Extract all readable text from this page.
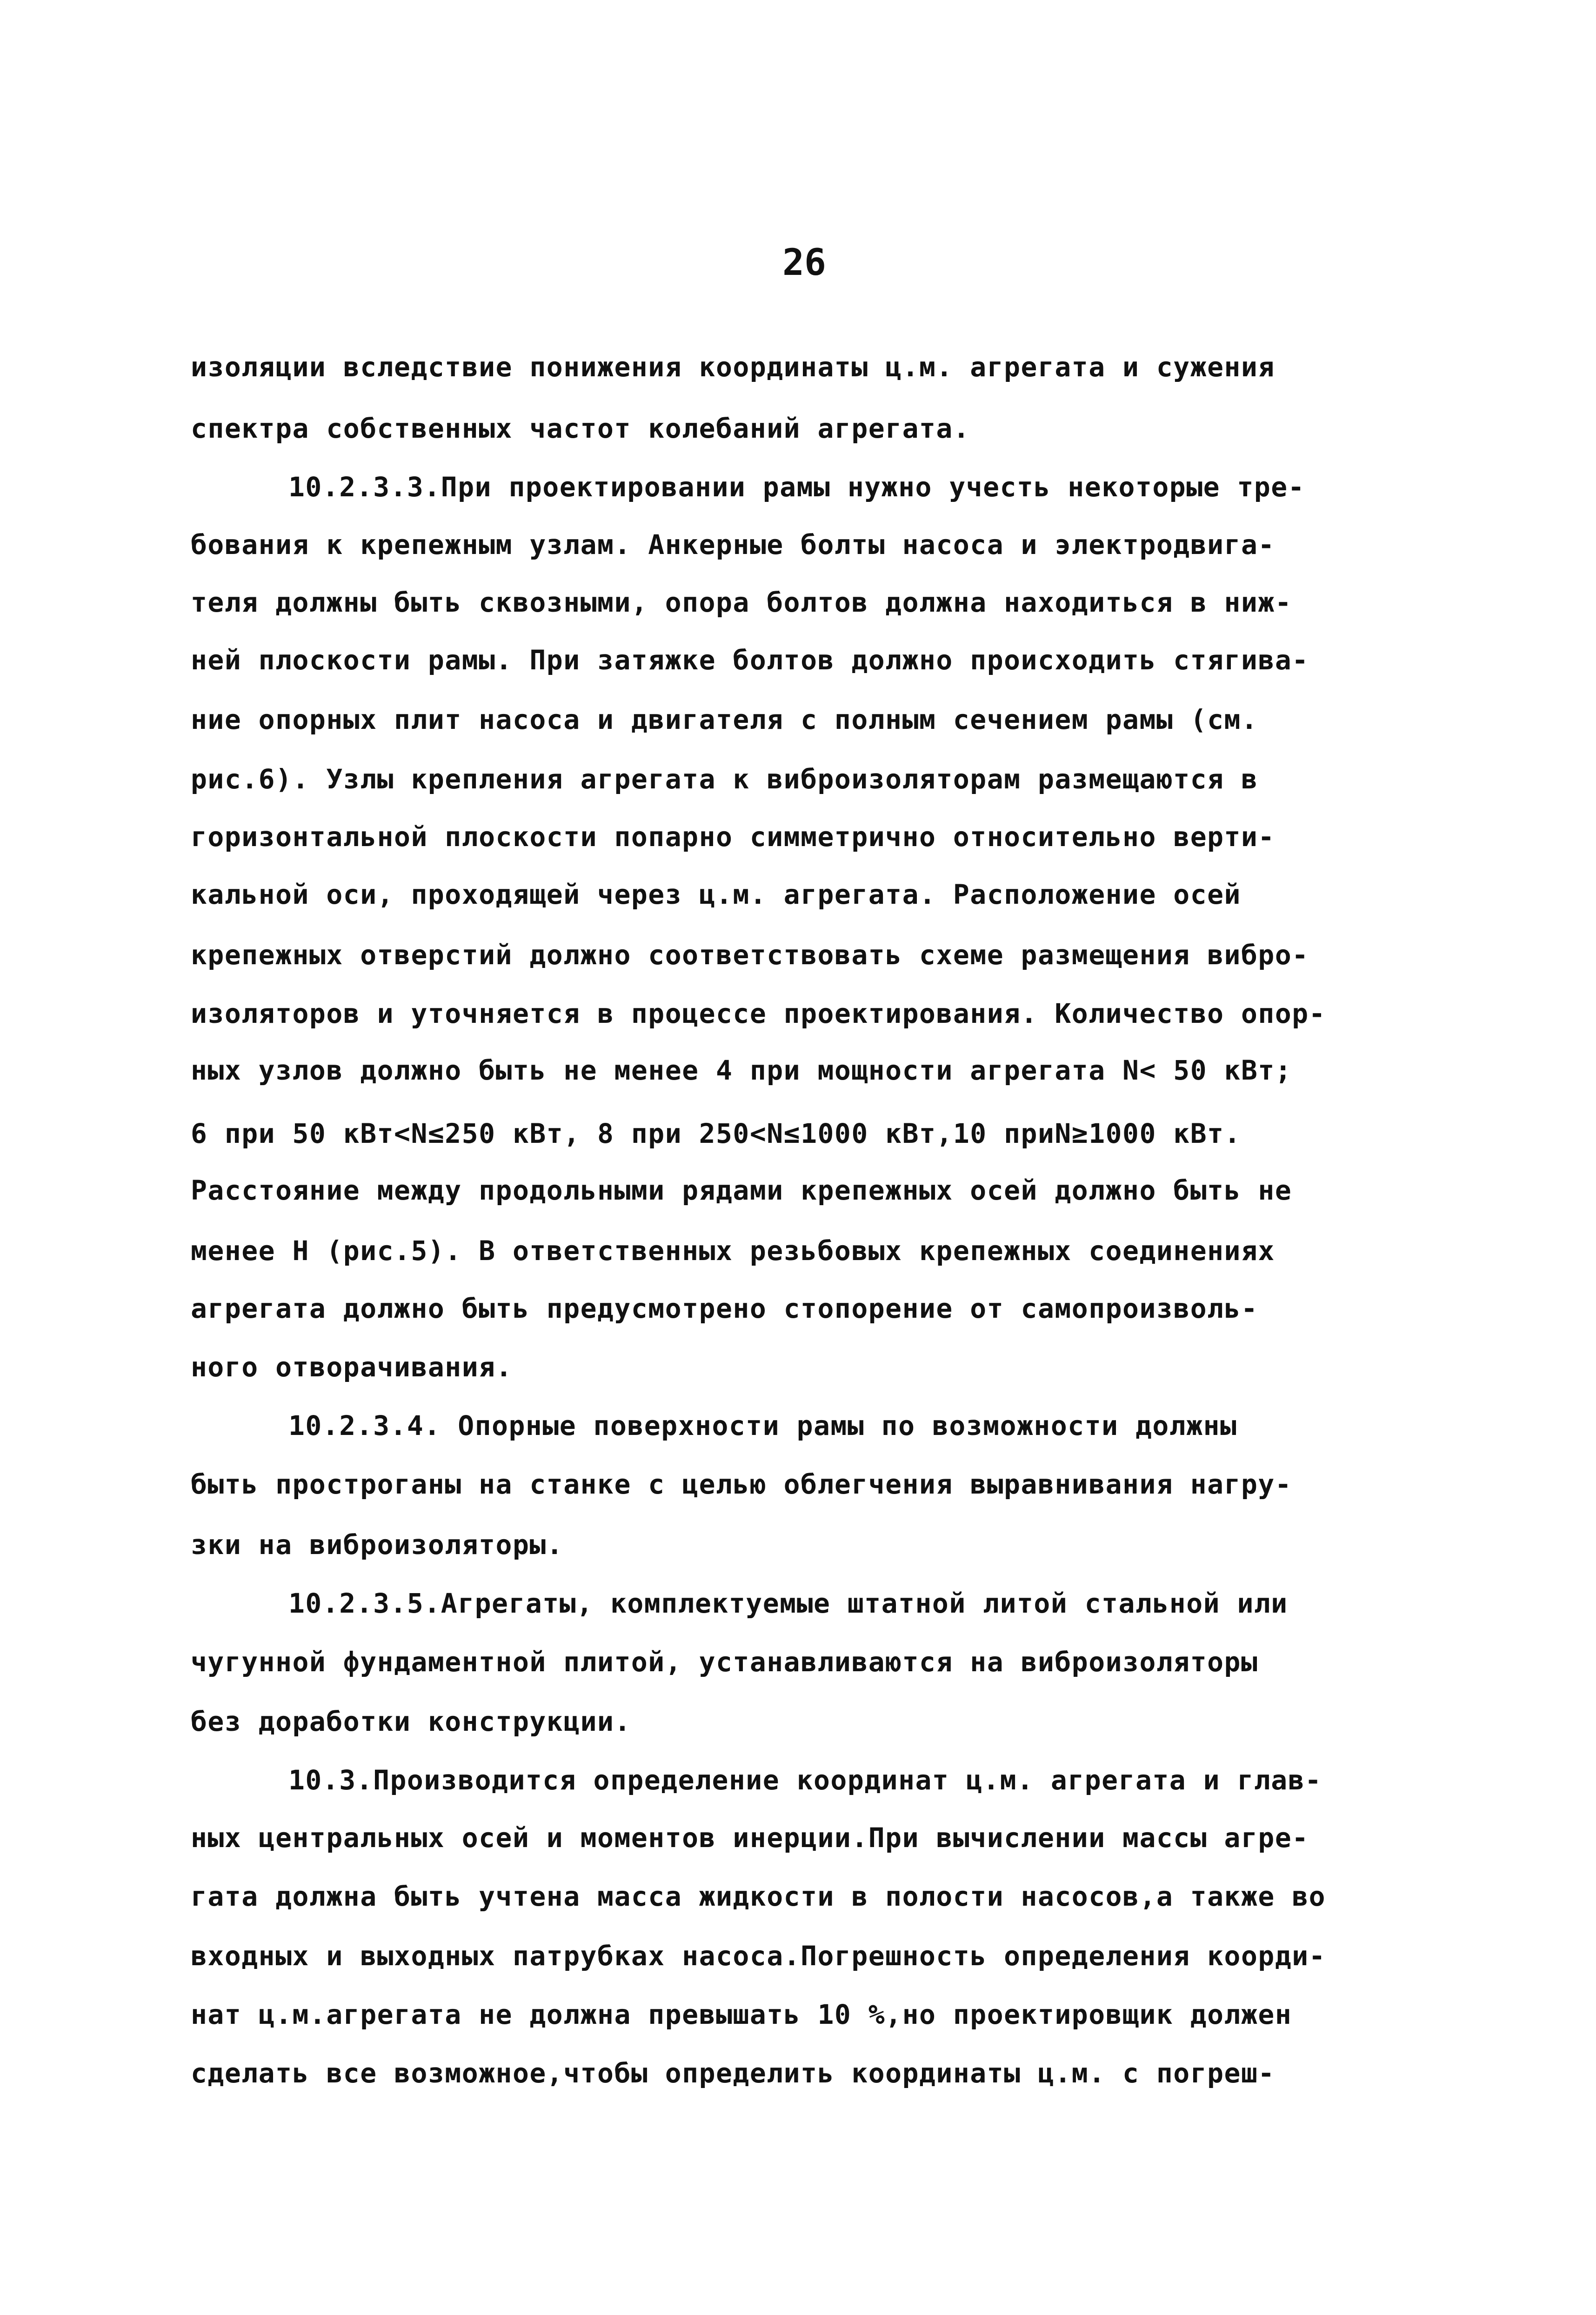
26
изоляции вследствие понижения координаты ц.м. агрегата и сужения
спектра собственных частот колебаний агрегата.
10.2.3.3.При проектировании рамы нужно учесть некоторые тре-
бования к крепежным узлам. Анкерные болты насоса и электродвига-
теля должны быть сквозными, опора болтов должна находиться в ниж-
ней плоскости рамы. При затяжке болтов должно происходить стягива-
ние опорных плит насоса и двигателя с полным сечением рамы (см.
рис.6). Узлы крепления агрегата к виброизоляторам размещаются в
горизонтальной плоскости попарно симметрично относительно верти-
кальной оси, проходящей через ц.м. агрегата. Расположение осей
крепежных отверстий должно соответствовать схеме размещения вибро-
изоляторов и уточняется в процессе проектирования. Количество опор-
ных узлов должно быть не менее 4 при мощности агрегата N< 50 кВт;
6 при 50 кВт<N≤250 кВт, 8 при 250<N≤1000 кВт,10 приN≥1000 кВт.
Расстояние между продольными рядами крепежных осей должно быть не
менее Н (рис.5). В ответственных резьбовых крепежных соединениях
агрегата должно быть предусмотрено стопорение от самопроизволь-
ного отворачивания.
10.2.3.4. Опорные поверхности рамы по возможности должны
быть прострoганы на станке с целью облегчения выравнивания нагру-
зки на виброизоляторы.
10.2.3.5.Агрегаты, комплектуемые штатной литой стальной или
чугунной фундаментной плитой, устанавливаются на виброизоляторы
без доработки конструкции.
10.3.Производится определение координат ц.м. агрегата и глав-
ных центральных осей и моментов инерции.При вычислении массы агре-
гата должна быть учтена масса жидкости в полости насосов,а также во
входных и выходных патрубках насоса.Погрешность определения коорди-
нат ц.м.агрегата не должна превышать 10 %,но проектировщик должен
сделать все возможное,чтобы определить координаты ц.м. с погреш-
